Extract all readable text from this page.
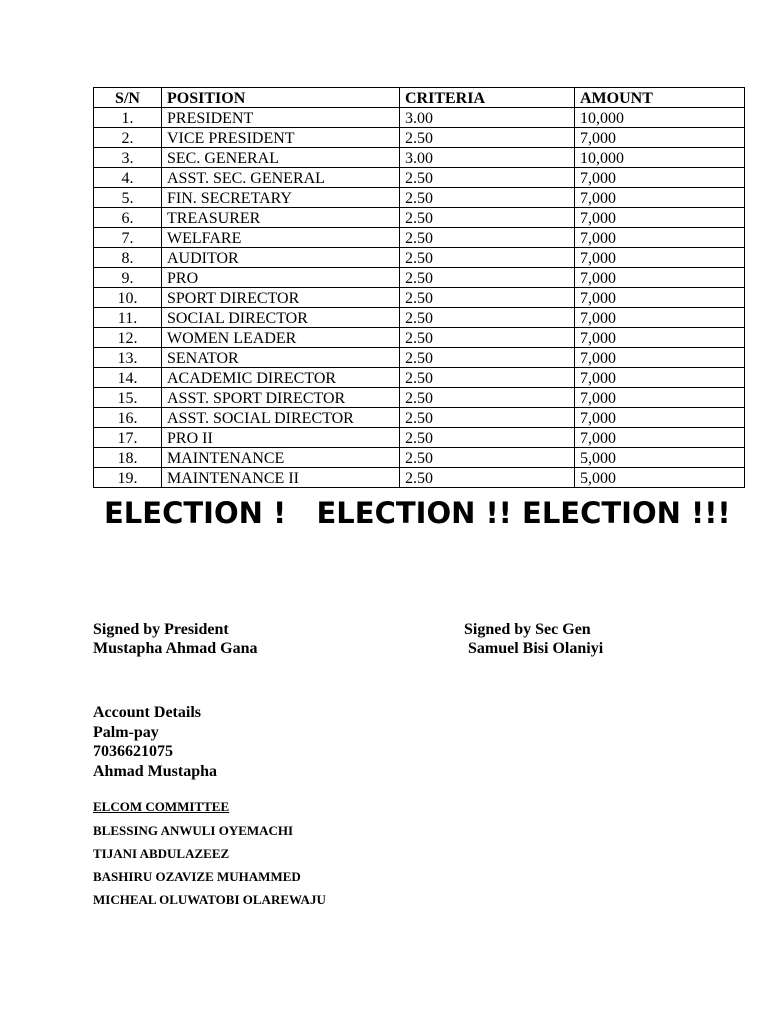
S/N	POSITION	CRITERIA	AMOUNT
1.	PRESIDENT	3.00	10,000
2.	VICE PRESIDENT	2.50	7,000
3.	SEC. GENERAL	3.00	10,000
4.	ASST. SEC. GENERAL	2.50	7,000
5.	FIN. SECRETARY	2.50	7,000
6.	TREASURER	2.50	7,000
7.	WELFARE	2.50	7,000
8.	AUDITOR	2.50	7,000
9.	PRO	2.50	7,000
10.	SPORT DIRECTOR	2.50	7,000
11.	SOCIAL DIRECTOR	2.50	7,000
12.	WOMEN LEADER	2.50	7,000
13.	SENATOR	2.50	7,000
14.	ACADEMIC DIRECTOR	2.50	7,000
15.	ASST. SPORT DIRECTOR	2.50	7,000
16.	ASST. SOCIAL DIRECTOR	2.50	7,000
17.	PRO II	2.50	7,000
18.	MAINTENANCE	2.50	5,000
19.	MAINTENANCE II	2.50	5,000
ELECTION !   ELECTION !! ELECTION !!!
Signed by President
Mustapha Ahmad Gana
Signed by Sec Gen
Samuel Bisi Olaniyi
Account Details
Palm-pay
7036621075
Ahmad Mustapha
ELCOM COMMITTEE
BLESSING ANWULI OYEMACHI
TIJANI ABDULAZEEZ
BASHIRU OZAVIZE MUHAMMED
MICHEAL OLUWATOBI OLAREWAJU
